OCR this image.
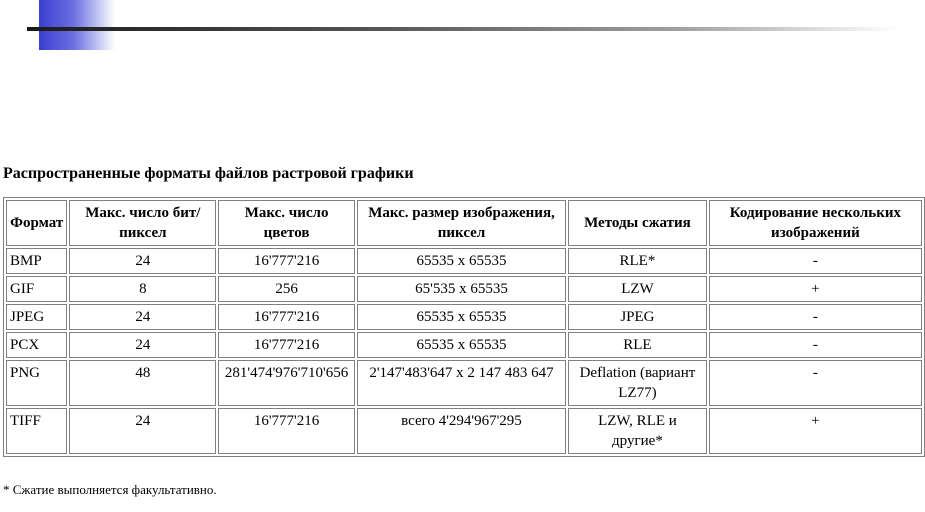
Распространенные форматы файлов растровой графики
Формат	Макс. число бит/ пиксел	Макс. число цветов	Макс. размер изображения, пиксел	Методы сжатия	Кодирование нескольких изображений
BMP	24	16'777'216	65535 x 65535	RLE*	-
GIF	8	256	65'535 x 65535	LZW	+
JPEG	24	16'777'216	65535 x 65535	JPEG	-
PCX	24	16'777'216	65535 x 65535	RLE	-
PNG	48	281'474'976'710'656	2'147'483'647 x 2 147 483 647	Deflation (вариант LZ77)	-
TIFF	24	16'777'216	всего 4'294'967'295	LZW, RLE и другие*	+
* Сжатие выполняется факультативно.
